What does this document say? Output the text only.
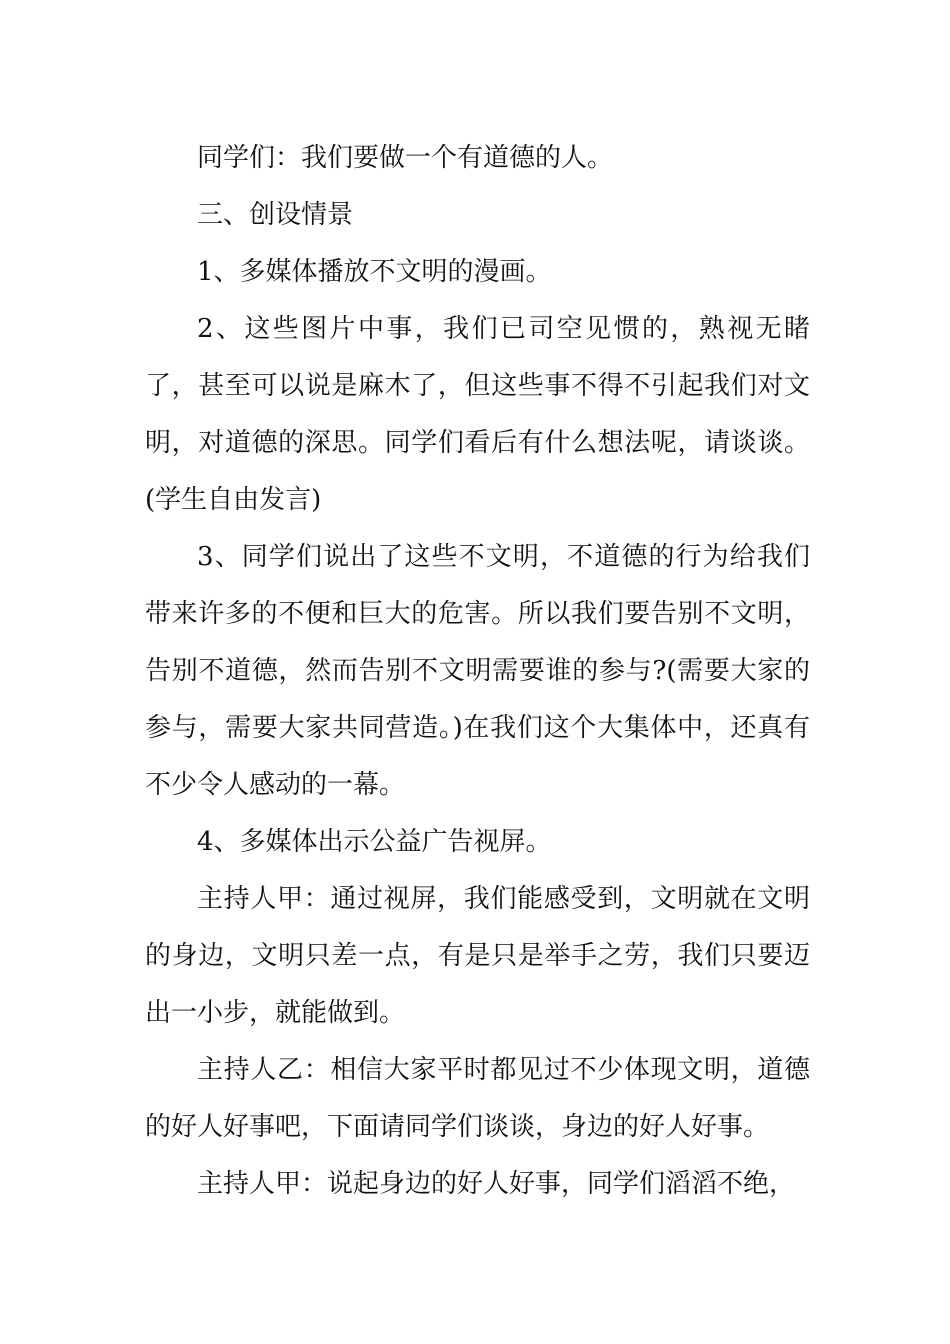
同学们：我们要做一个有道德的人。

三、创设情景

1、多媒体播放不文明的漫画。

2、这些图片中事，我们已司空见惯的，熟视无睹了，甚至可以说是麻木了，但这些事不得不引起我们对文明，对道德的深思。同学们看后有什么想法呢，请谈谈。(学生自由发言)

3、同学们说出了这些不文明，不道德的行为给我们带来许多的不便和巨大的危害。所以我们要告别不文明，告别不道德，然而告别不文明需要谁的参与?(需要大家的参与，需要大家共同营造。)在我们这个大集体中，还真有不少令人感动的一幕。

4、多媒体出示公益广告视屏。

主持人甲：通过视屏，我们能感受到，文明就在文明的身边，文明只差一点，有是只是举手之劳，我们只要迈出一小步，就能做到。

主持人乙：相信大家平时都见过不少体现文明，道德的好人好事吧，下面请同学们谈谈，身边的好人好事。

主持人甲：说起身边的好人好事，同学们滔滔不绝，
